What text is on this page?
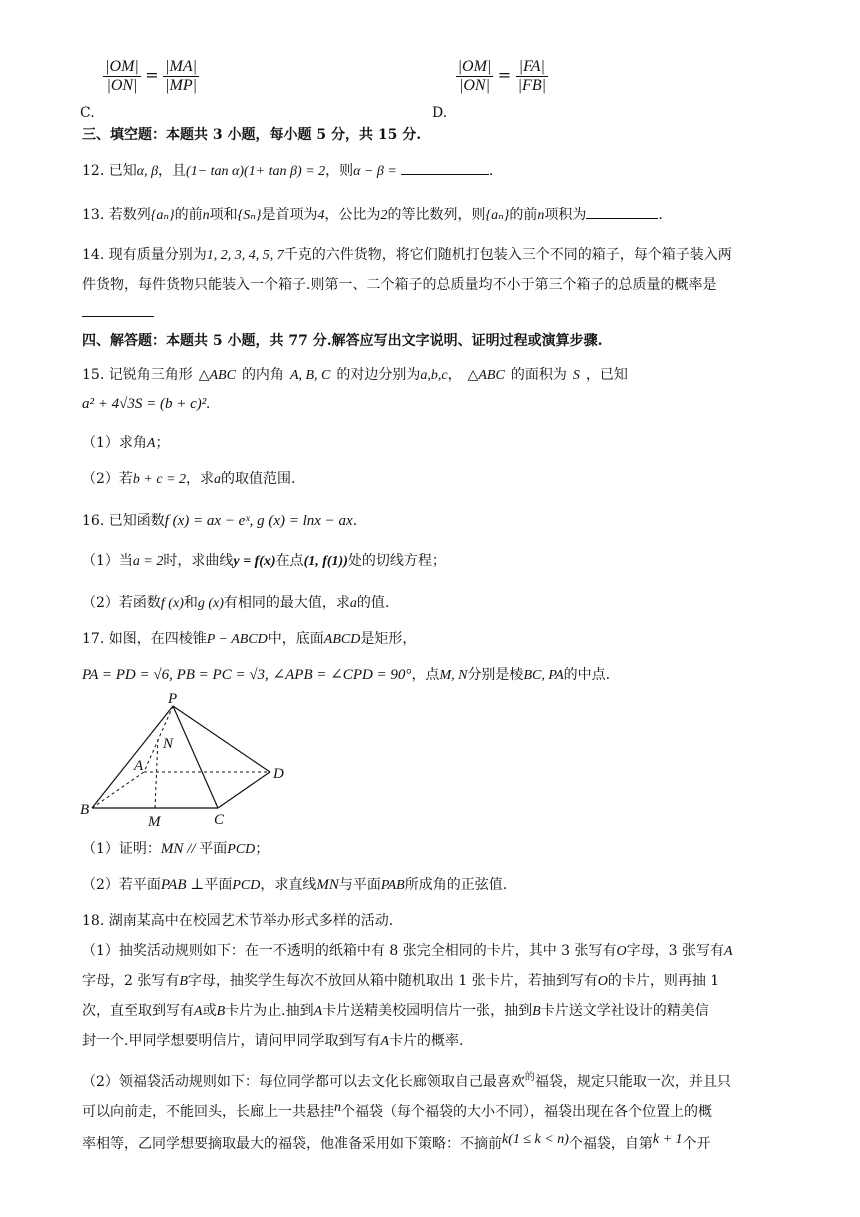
C.
$\frac{|OM|}{|ON|} = \frac{|MA|}{|MP|}$
D.
$\frac{|OM|}{|ON|} = \frac{|FA|}{|FB|}$
三、填空题：本题共 3 小题，每小题 5 分，共 15 分.
12. 已知α, β，且(1− tan α)(1+ tan β) = 2，则α − β =	.
13. 若数列{aₙ}的前n项和{Sₙ}是首项为4，公比为2的等比数列，则{aₙ}的前n项积为	.
14. 现有质量分别为1, 2, 3, 4, 5, 7千克的六件货物，将它们随机打包装入三个不同的箱子，每个箱子装入两
件货物，每件货物只能装入一个箱子.则第一、二个箱子的总质量均不小于第三个箱子的总质量的概率是
四、解答题：本题共 5 小题，共 77 分.解答应写出文字说明、证明过程或演算步骤.
15. 记锐角三角形 △ABC 的内角 A, B, C 的对边分别为a,b,c， △ABC 的面积为 S ，已知
a² + 4√3S = (b + c)².
（1）求角A；
（2）若b + c = 2，求a的取值范围.
16. 已知函数f (x) = ax − eˣ, g (x) = lnx − ax.
（1）当a = 2时，求曲线y = f(x)在点(1, f(1))处的切线方程；
（2）若函数f (x)和g (x)有相同的最大值，求a的值.
17. 如图，在四棱锥P − ABCD中，底面ABCD是矩形，
PA = PD = √6, PB = PC = √3, ∠APB = ∠CPD = 90°，点M, N分别是棱BC, PA的中点.
P
N
A	D
B
M	C
（1）证明：MN // 平面PCD；
（2）若平面PAB ⊥平面PCD，求直线MN与平面PAB所成角的正弦值.
18. 湖南某高中在校园艺术节举办形式多样的活动.
（1）抽奖活动规则如下：在一不透明的纸箱中有 8 张完全相同的卡片，其中 3 张写有O字母，3 张写有A
字母，2 张写有B字母，抽奖学生每次不放回从箱中随机取出 1 张卡片，若抽到写有O的卡片，则再抽 1
次，直至取到写有A或B卡片为止.抽到A卡片送精美校园明信片一张，抽到B卡片送文学社设计的精美信
封一个.甲同学想要明信片，请问甲同学取到写有A卡片的概率.
（2）领福袋活动规则如下：每位同学都可以去文化长廊领取自己最喜欢$^的$福袋，规定只能取一次，并且只
可以向前走，不能回头，长廊上一共悬挂n个福袋（每个福袋的大小不同），福袋出现在各个位置上的概
率相等，乙同学想要摘取最大的福袋，他准备采用如下策略：不摘前k(1 ≤ k < n)个福袋，自第k + 1个开
